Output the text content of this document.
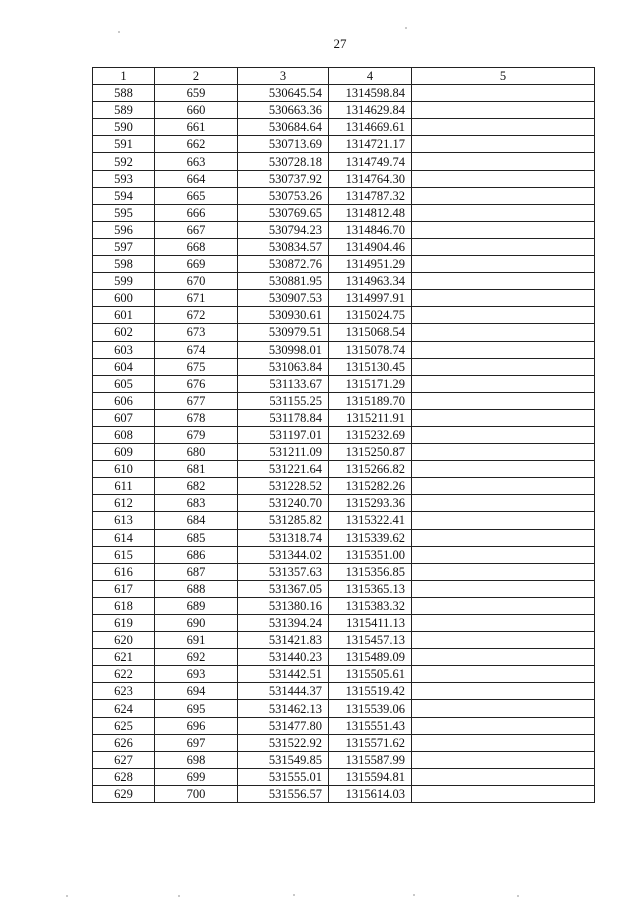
27
1	2	3	4	5
588	659	530645.54	1314598.84	
589	660	530663.36	1314629.84	
590	661	530684.64	1314669.61	
591	662	530713.69	1314721.17	
592	663	530728.18	1314749.74	
593	664	530737.92	1314764.30	
594	665	530753.26	1314787.32	
595	666	530769.65	1314812.48	
596	667	530794.23	1314846.70	
597	668	530834.57	1314904.46	
598	669	530872.76	1314951.29	
599	670	530881.95	1314963.34	
600	671	530907.53	1314997.91	
601	672	530930.61	1315024.75	
602	673	530979.51	1315068.54	
603	674	530998.01	1315078.74	
604	675	531063.84	1315130.45	
605	676	531133.67	1315171.29	
606	677	531155.25	1315189.70	
607	678	531178.84	1315211.91	
608	679	531197.01	1315232.69	
609	680	531211.09	1315250.87	
610	681	531221.64	1315266.82	
611	682	531228.52	1315282.26	
612	683	531240.70	1315293.36	
613	684	531285.82	1315322.41	
614	685	531318.74	1315339.62	
615	686	531344.02	1315351.00	
616	687	531357.63	1315356.85	
617	688	531367.05	1315365.13	
618	689	531380.16	1315383.32	
619	690	531394.24	1315411.13	
620	691	531421.83	1315457.13	
621	692	531440.23	1315489.09	
622	693	531442.51	1315505.61	
623	694	531444.37	1315519.42	
624	695	531462.13	1315539.06	
625	696	531477.80	1315551.43	
626	697	531522.92	1315571.62	
627	698	531549.85	1315587.99	
628	699	531555.01	1315594.81	
629	700	531556.57	1315614.03	
